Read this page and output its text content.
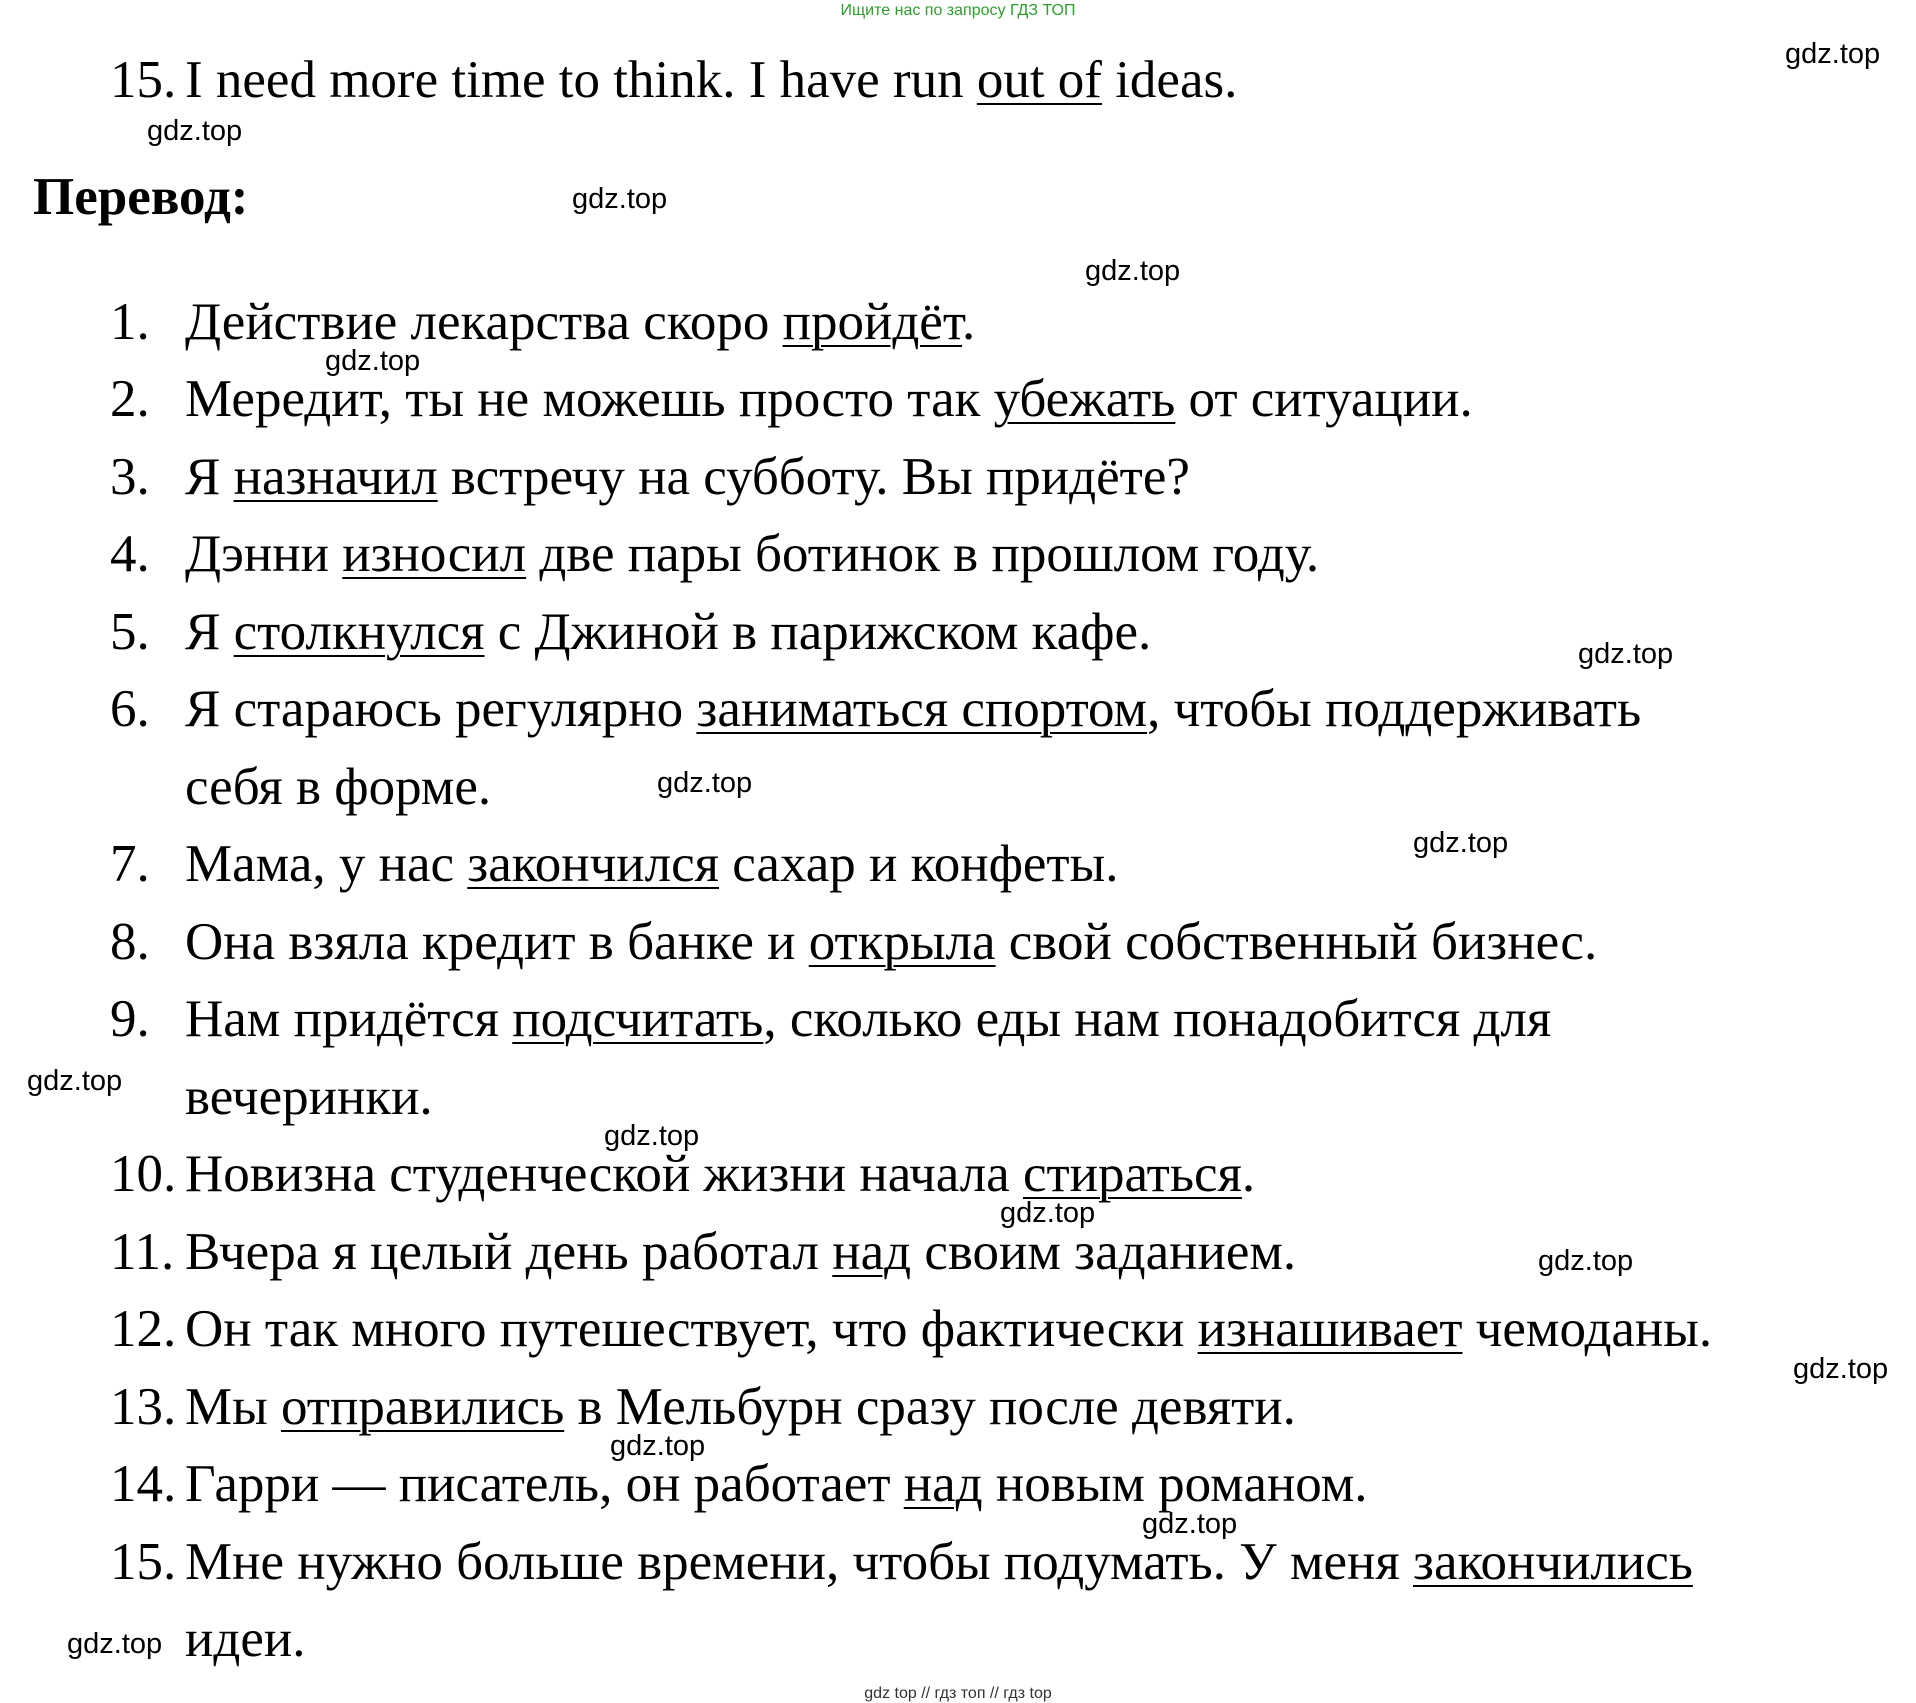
Ищите нас по запросу ГДЗ ТОП
15. I need more time to think. I have run out of ideas.
Перевод:
1. Действие лекарства скоро пройдёт.
2. Мередит, ты не можешь просто так убежать от ситуации.
3. Я назначил встречу на субботу. Вы придёте?
4. Дэнни износил две пары ботинок в прошлом году.
5. Я столкнулся с Джиной в парижском кафе.
6. Я стараюсь регулярно заниматься спортом, чтобы поддерживать
себя в форме.
7. Мама, у нас закончился сахар и конфеты.
8. Она взяла кредит в банке и открыла свой собственный бизнес.
9. Нам придётся подсчитать, сколько еды нам понадобится для
вечеринки.
10. Новизна студенческой жизни начала стираться.
11. Вчера я целый день работал над своим заданием.
12. Он так много путешествует, что фактически изнашивает чемоданы.
13. Мы отправились в Мельбурн сразу после девяти.
14. Гарри — писатель, он работает над новым романом.
15. Мне нужно больше времени, чтобы подумать. У меня закончились
идеи.
gdz.top
gdz.top
gdz.top
gdz.top
gdz.top
gdz.top
gdz.top
gdz.top
gdz.top
gdz.top
gdz.top
gdz.top
gdz.top
gdz.top
gdz.top
gdz.top
gdz top // гдз топ // гдз top
